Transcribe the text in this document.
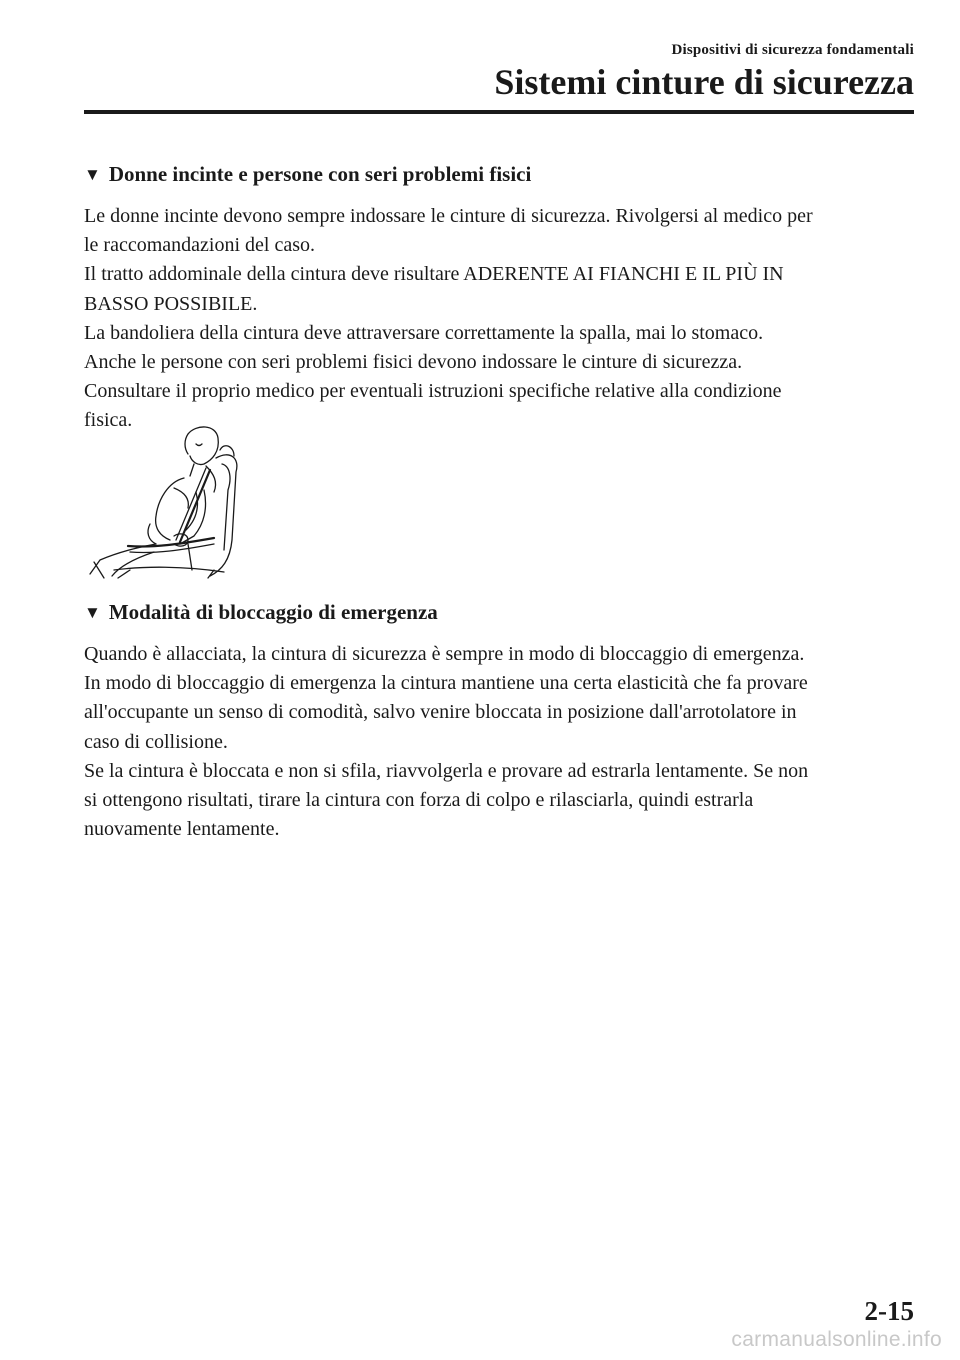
Dispositivi di sicurezza fondamentali
Sistemi cinture di sicurezza
▼ Donne incinte e persone con seri problemi fisici
Le donne incinte devono sempre indossare le cinture di sicurezza. Rivolgersi al medico per
le raccomandazioni del caso.
Il tratto addominale della cintura deve risultare ADERENTE AI FIANCHI E IL PIÙ IN
BASSO POSSIBILE.
La bandoliera della cintura deve attraversare correttamente la spalla, mai lo stomaco.
Anche le persone con seri problemi fisici devono indossare le cinture di sicurezza.
Consultare il proprio medico per eventuali istruzioni specifiche relative alla condizione
fisica.
▼ Modalità di bloccaggio di emergenza
Quando è allacciata, la cintura di sicurezza è sempre in modo di bloccaggio di emergenza.
In modo di bloccaggio di emergenza la cintura mantiene una certa elasticità che fa provare
all'occupante un senso di comodità, salvo venire bloccata in posizione dall'arrotolatore in
caso di collisione.
Se la cintura è bloccata e non si sfila, riavvolgerla e provare ad estrarla lentamente. Se non
si ottengono risultati, tirare la cintura con forza di colpo e rilasciarla, quindi estrarla
nuovamente lentamente.
2-15
carmanualsonline.info
